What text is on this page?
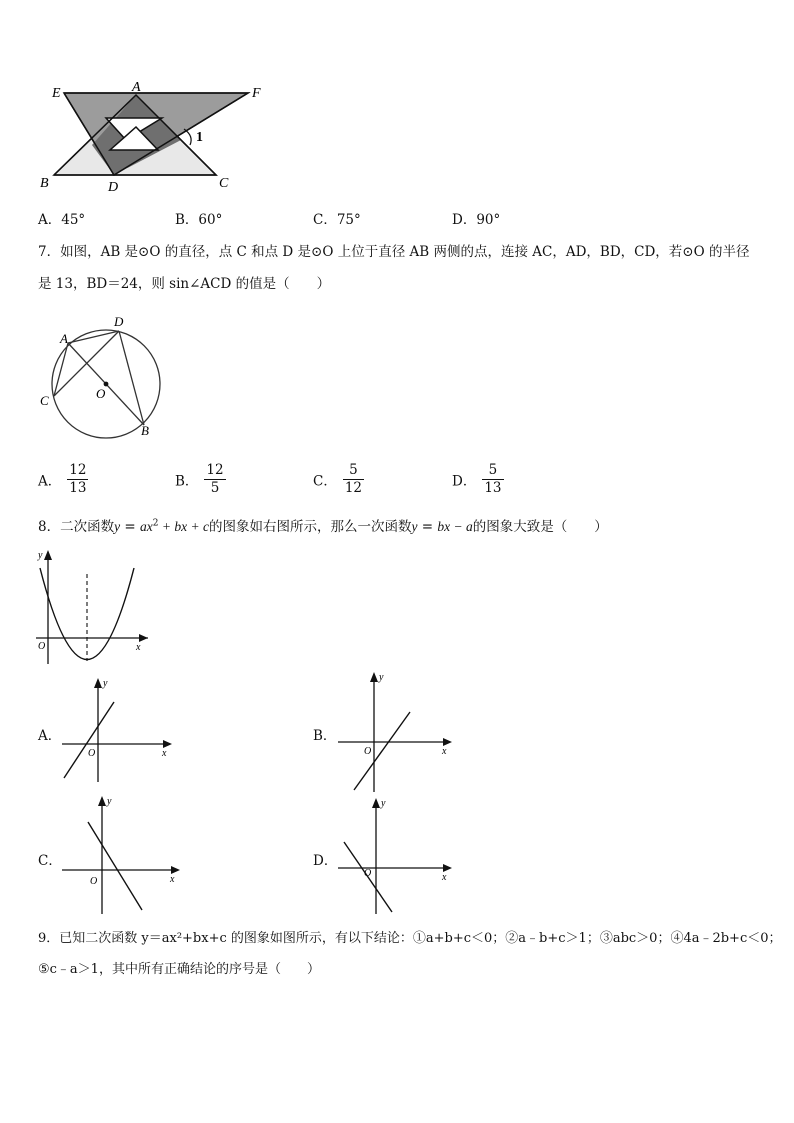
E	A	F
B	D	C
1
A．45°	B．60°	C．75°	D．90°
7．如图，AB 是⊙O 的直径，点 C 和点 D 是⊙O 上位于直径 AB 两侧的点，连接 AC，AD，BD，CD，若⊙O 的半径
是 13，BD＝24，则 sin∠ACD 的值是（　　）
A
D
C	O
B
A． $\frac{12}{13}$	B． $\frac{12}{5}$	C． $\frac{5}{12}$	D． $\frac{5}{13}$
8．二次函数$y = ax^2$ + bx + c的图象如右图所示，那么一次函数y = bx − a的图象大致是（　　）
y
x
O
A．
y
x
O
B．
y
x
O
C．
y
x
O
D．
y
x
O
9．已知二次函数 y＝ax²+bx+c 的图象如图所示，有以下结论：①a+b+c＜0；②a﹣b+c＞1；③abc＞0；④4a﹣2b+c＜0；
⑤c﹣a＞1，其中所有正确结论的序号是（　　）
